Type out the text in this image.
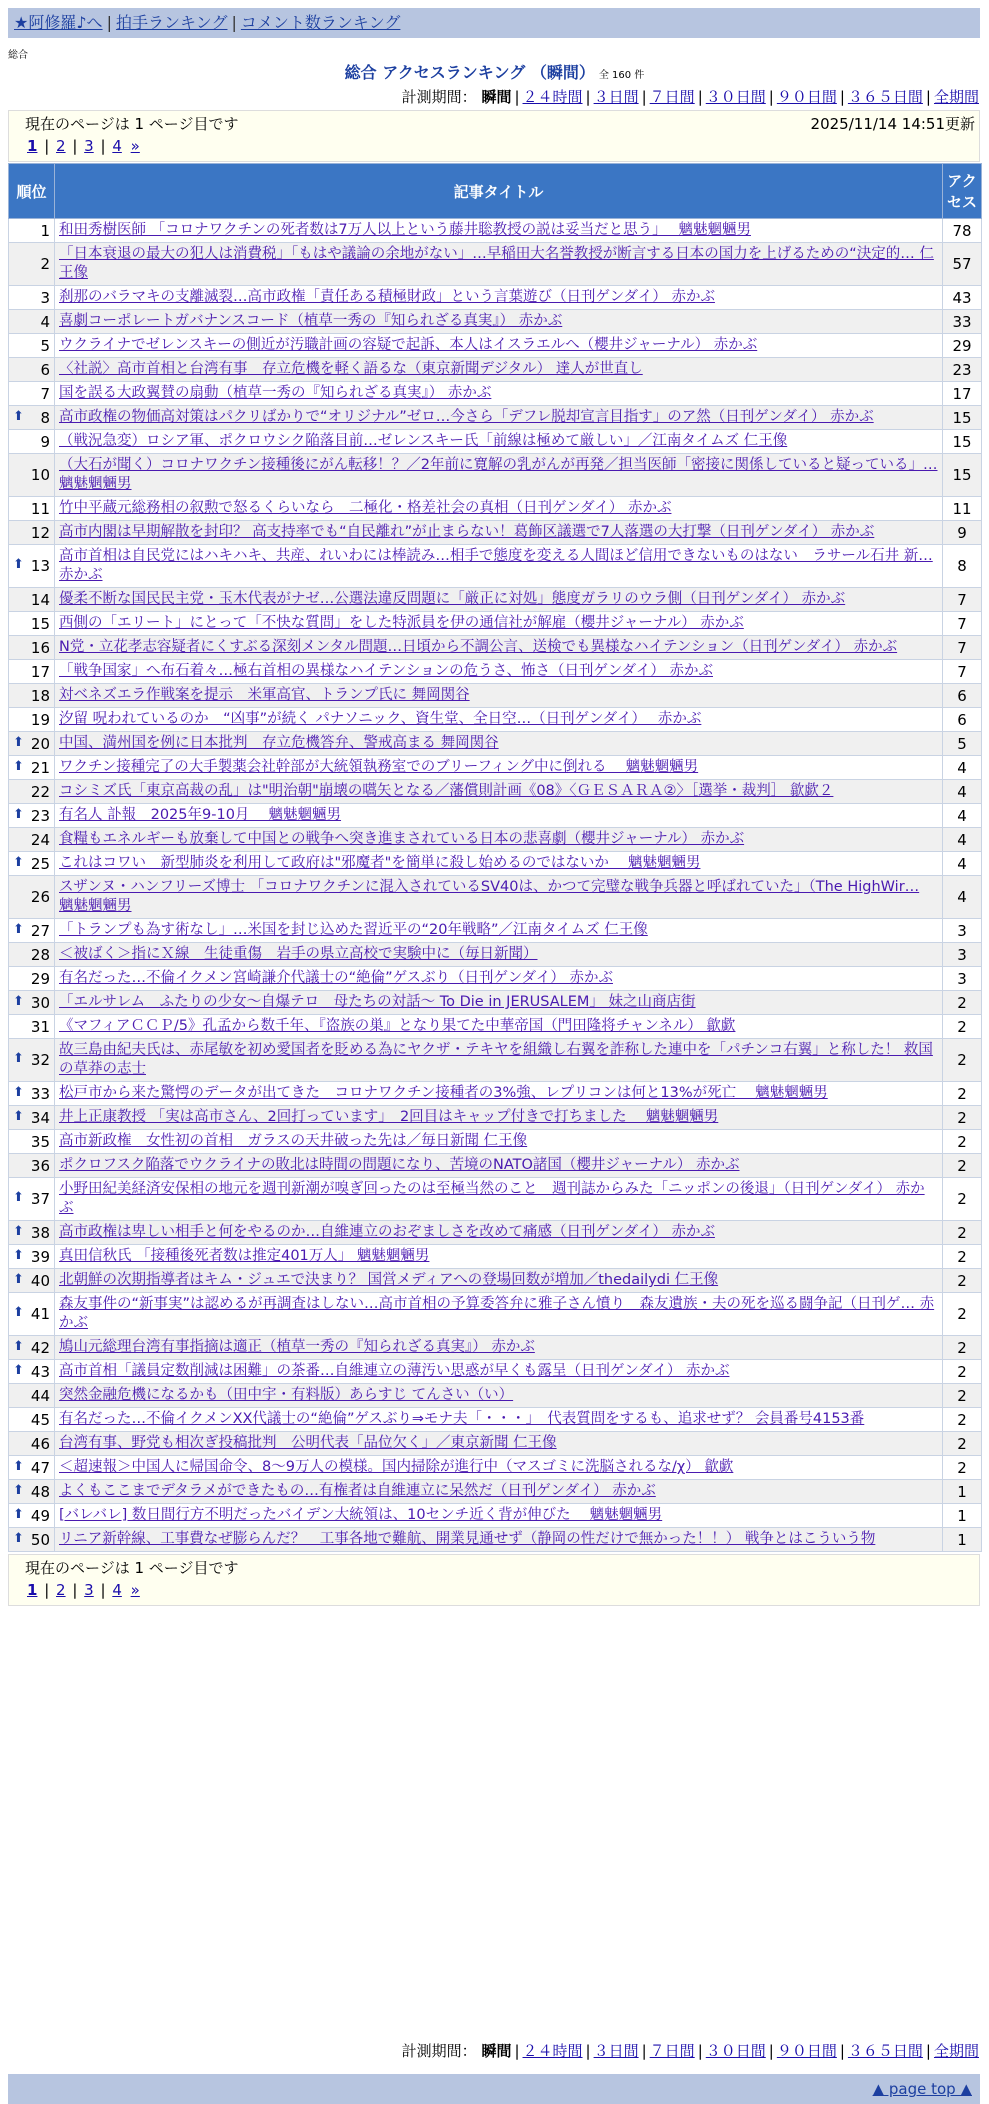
★阿修羅♪へ | 拍手ランキング | コメント数ランキング
総合
総合 アクセスランキング （瞬間） 全 160 件
計測期間： 瞬間 | ２４時間 | ３日間 | ７日間 | ３０日間 | ９０日間 | ３６５日間 | 全期間
現在のページは 1 ページ目です	2025/11/14 14:51更新
1 | 2 | 3 | 4 »
順位	記事タイトル	アクセス
1	和田秀樹医師 「コロナワクチンの死者数は7万人以上という藤井聡教授の説は妥当だと思う」　 魑魅魍魎男	78
2	「日本衰退の最大の犯人は消費税」「もはや議論の余地がない」…早稲田大名誉教授が断言する日本の国力を上げるための“決定的… 仁王像	57
3	刹那のバラマキの支離滅裂…高市政権「責任ある積極財政」という言葉遊び（日刊ゲンダイ） 赤かぶ	43
4	喜劇コーポレートガバナンスコード（植草一秀の『知られざる真実』） 赤かぶ	33
5	ウクライナでゼレンスキーの側近が汚職計画の容疑で起訴、本人はイスラエルへ（櫻井ジャーナル） 赤かぶ	29
6	〈社説〉高市首相と台湾有事　存立危機を軽く語るな（東京新聞デジタル） 達人が世直し	23
7	国を誤る大政翼賛の扇動（植草一秀の『知られざる真実』） 赤かぶ	17

⬆ 8	高市政権の物価高対策はパクリばかりで“オリジナル”ゼロ…今さら「デフレ脱却宣言目指す」のア然（日刊ゲンダイ） 赤かぶ	15
9	（戦況急変）ロシア軍、ポクロウシク陥落目前…ゼレンスキー氏「前線は極めて厳しい」／江南タイムズ 仁王像	15
10	（大石が聞く）コロナワクチン接種後にがん転移！？／2年前に寛解の乳がんが再発／担当医師「密接に関係していると疑っている」… 魑魅魍魎男	15
11	竹中平蔵元総務相の叙勲で怒るくらいなら　二極化・格差社会の真相（日刊ゲンダイ） 赤かぶ	11
12	高市内閣は早期解散を封印？ 高支持率でも“自民離れ”が止まらない！葛飾区議選で7人落選の大打撃（日刊ゲンダイ） 赤かぶ	9

⬆ 13	高市首相は自民党にはハキハキ、共産、れいわには棒読み…相手で態度を変える人間ほど信用できないものはない　ラサール石井 新… 赤かぶ	8
14	優柔不断な国民民主党・玉木代表がナゼ…公選法違反問題に「厳正に対処」態度ガラリのウラ側（日刊ゲンダイ） 赤かぶ	7
15	西側の「エリート」にとって「不快な質問」をした特派員を伊の通信社が解雇（櫻井ジャーナル） 赤かぶ	7
16	N党・立花孝志容疑者にくすぶる深刻メンタル問題…日頃から不調公言、送検でも異様なハイテンション（日刊ゲンダイ） 赤かぶ	7
17	「戦争国家」へ布石着々…極右首相の異様なハイテンションの危うさ、怖さ（日刊ゲンダイ） 赤かぶ	7
18	対ベネズエラ作戦案を提示　米軍高官、トランプ氏に 舞岡関谷	6
19	汐留 呪われているのか　“凶事”が続く パナソニック、資生堂、全日空…（日刊ゲンダイ）　 赤かぶ	6

⬆ 20	中国、満州国を例に日本批判　存立危機答弁、警戒高まる 舞岡関谷	5

⬆ 21	ワクチン接種完了の大手製薬会社幹部が大統領執務室でのブリーフィング中に倒れる　 魑魅魍魎男	4
22	コシミズ氏「東京高裁の乱」は"明治朝"崩壊の嚆矢となる／藩償則計画《08》〈ＧＥＳＡＲＡ②〉［選挙・裁判］ 歙歔２	4

⬆ 23	有名人 訃報　2025年9-10月　 魑魅魍魎男	4
24	食糧もエネルギーも放棄して中国との戦争へ突き進まされている日本の悲喜劇（櫻井ジャーナル） 赤かぶ	4

⬆ 25	これはコワい　新型肺炎を利用して政府は"邪魔者"を簡単に殺し始めるのではないか　 魑魅魍魎男	4
26	スザンヌ・ハンフリーズ博士 「コロナワクチンに混入されているSV40は、かつて完璧な戦争兵器と呼ばれていた」（The HighWir… 魑魅魍魎男	4

⬆ 27	「トランプも為す術なし」…米国を封じ込めた習近平の“20年戦略”／江南タイムズ 仁王像	3
28	＜被ばく＞指にＸ線　生徒重傷　岩手の県立高校で実験中に（毎日新聞）	3
29	有名だった…不倫イクメン宮崎謙介代議士の“絶倫”ゲスぶり（日刊ゲンダイ） 赤かぶ	3

⬆ 30	「エルサレム　ふたりの少女～自爆テロ　母たちの対話～ To Die in JERUSALEM」 妹之山商店街	2
31	《マフィアＣＣＰ/5》孔孟から数千年、『盗族の巣』となり果てた中華帝国（門田隆将チャンネル） 歙歔	2

⬆ 32	故三島由紀夫氏は、赤尾敏を初め愛国者を貶める為にヤクザ・テキヤを組織し右翼を詐称した連中を「パチンコ右翼」と称した！ 救国の草莽の志士	2

⬆ 33	松戸市から来た驚愕のデータが出てきた　コロナワクチン接種者の3%強、レプリコンは何と13%が死亡　 魑魅魍魎男	2

⬆ 34	井上正康教授 「実は高市さん、2回打っています」　2回目はキャップ付きで打ちました　 魑魅魍魎男	2
35	高市新政権　女性初の首相　ガラスの天井破った先は／毎日新聞 仁王像	2
36	ポクロフスク陥落でウクライナの敗北は時間の問題になり、苦境のNATO諸国（櫻井ジャーナル） 赤かぶ	2

⬆ 37	小野田紀美経済安保相の地元を週刊新潮が嗅ぎ回ったのは至極当然のこと　週刊誌からみた「ニッポンの後退」（日刊ゲンダイ） 赤かぶ	2

⬆ 38	高市政権は卑しい相手と何をやるのか…自維連立のおぞましさを改めて痛感（日刊ゲンダイ） 赤かぶ	2

⬆ 39	真田信秋氏 「接種後死者数は推定401万人」 魑魅魍魎男	2

⬆ 40	北朝鮮の次期指導者はキム・ジュエで決まり？ 国営メディアへの登場回数が増加／thedailydi 仁王像	2

⬆ 41	森友事件の“新事実”は認めるが再調査はしない…高市首相の予算委答弁に雅子さん憤り　森友遺族・夫の死を巡る闘争記（日刊ゲ… 赤かぶ	2

⬆ 42	鳩山元総理台湾有事指摘は適正（植草一秀の『知られざる真実』） 赤かぶ	2

⬆ 43	高市首相「議員定数削減は困難」の茶番…自維連立の薄汚い思惑が早くも露呈（日刊ゲンダイ） 赤かぶ	2
44	突然金融危機になるかも（田中宇・有料版）あらすじ てんさい（い）	2
45	有名だった…不倫イクメンXX代議士の“絶倫”ゲスぶり⇒モナ夫「・・・」　代表質問をするも、追求せず？ 会員番号4153番	2
46	台湾有事、野党も相次ぎ投稿批判　公明代表「品位欠く」／東京新聞 仁王像	2

⬆ 47	＜超速報＞中国人に帰国命令、8～9万人の模様。国内掃除が進行中（マスゴミに洗脳されるな/χ） 歙歔	2

⬆ 48	よくもここまでデタラメができたもの…有権者は自維連立に呆然だ（日刊ゲンダイ） 赤かぶ	1

⬆ 49	[バレバレ] 数日間行方不明だったバイデン大統領は、10センチ近く背が伸びた　 魑魅魍魎男	1

⬆ 50	リニア新幹線、工事費なぜ膨らんだ？　工事各地で難航、開業見通せず（静岡の性だけで無かった！！） 戦争とはこういう物	1
現在のページは 1 ページ目です
1 | 2 | 3 | 4 »
計測期間： 瞬間 | ２４時間 | ３日間 | ７日間 | ３０日間 | ９０日間 | ３６５日間 | 全期間
▲ page top ▲
